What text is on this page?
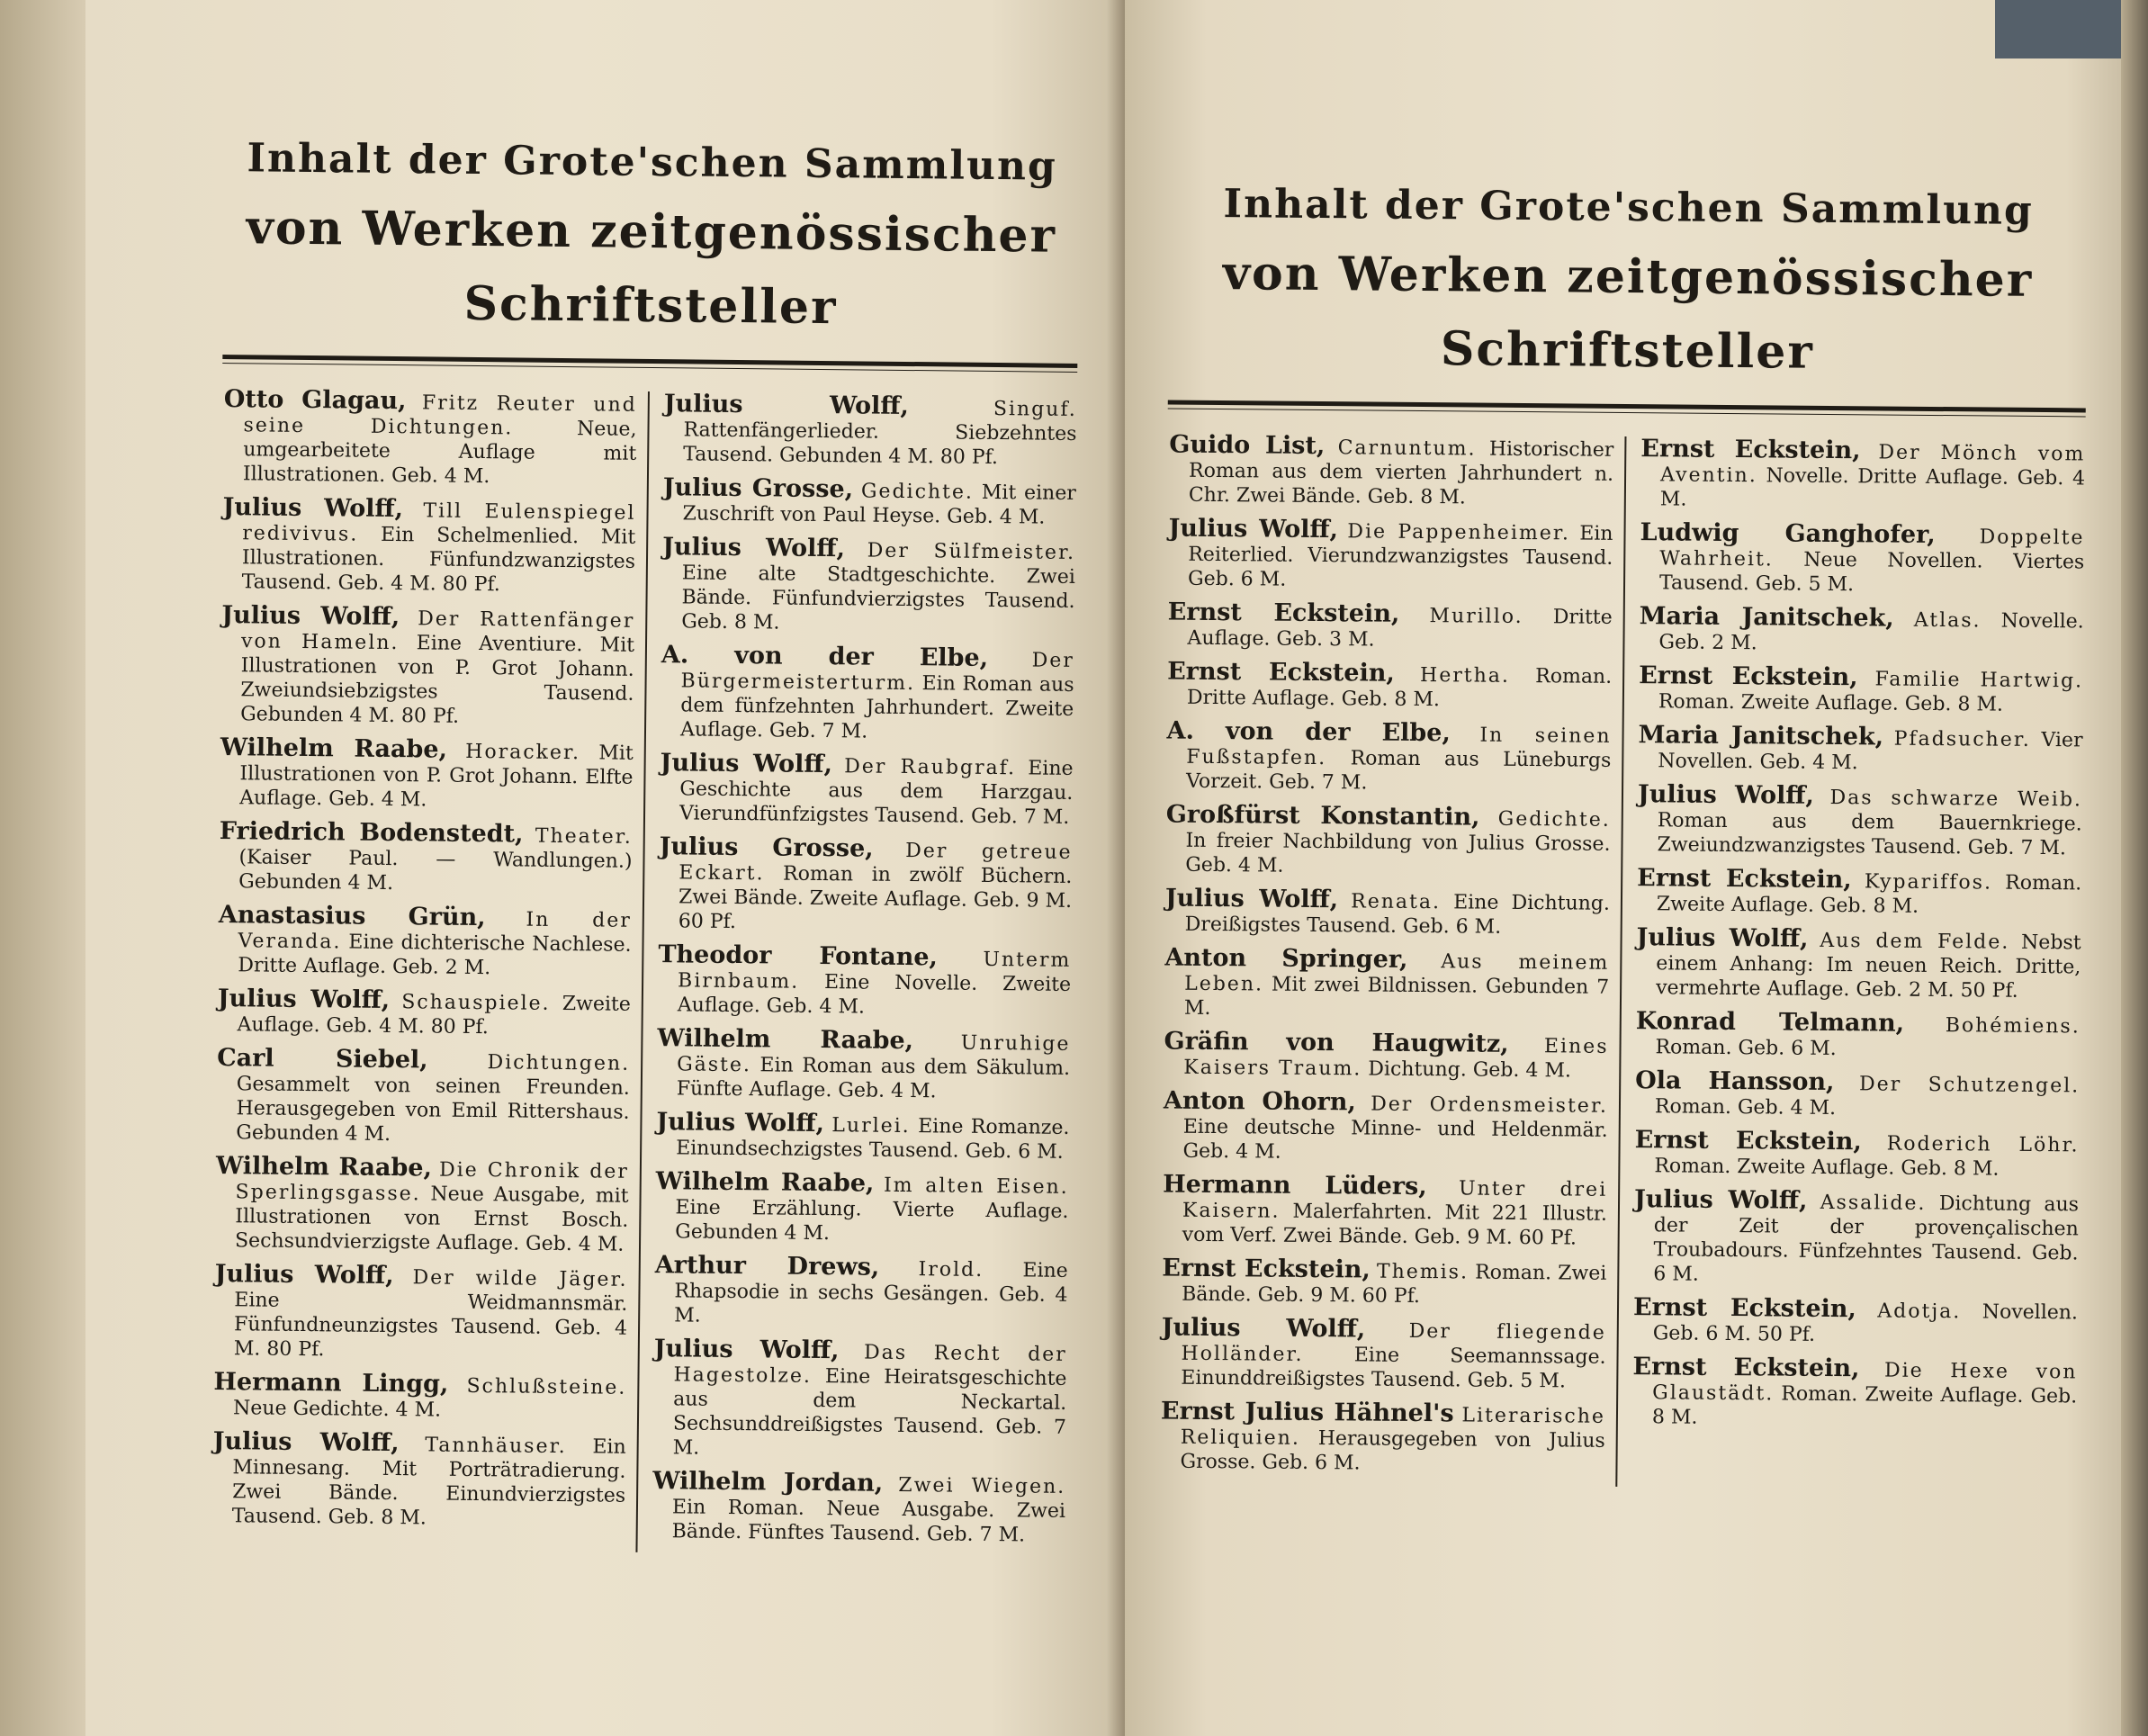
Inhalt der Grote'schen Sammlung
von Werken zeitgenössischer Schriftsteller
Otto Glagau, Fritz Reuter und seine Dichtungen.	Neue, umgearbeitete Auflage mit Illustrationen. Geb. 4 M.
Julius Wolff, Till Eulenspiegel redivivus. Ein Schelmenlied. Mit Illustrationen. Fünfundzwanzigstes Tausend. Geb. 4 M. 80 Pf.
Julius Wolff, Der Rattenfänger von Hameln. Eine Aventiure. Mit Illustrationen von P. Grot Johann. Zweiundsiebzigstes Tausend. Gebunden 4 M. 80 Pf.
Wilhelm Raabe, Horacker. Mit Illustrationen von P. Grot Johann. Elfte Auflage. Geb. 4 M.
Friedrich Bodenstedt, Theater. (Kaiser Paul. — Wandlungen.) Gebunden 4 M.
Anastasius Grün, In der Veranda. Eine dichterische Nachlese. Dritte Auflage. Geb. 2 M.
Julius Wolff, Schauspiele. Zweite Auflage. Geb. 4 M. 80 Pf.
Carl Siebel,	Dichtungen. Gesammelt von seinen Freunden. Herausgegeben von Emil Rittershaus. Gebunden 4 M.
Wilhelm Raabe, Die Chronik der Sperlingsgasse. Neue Ausgabe, mit Illustrationen von Ernst Bosch. Sechsundvierzigste Auflage. Geb. 4 M.
Julius Wolff, Der wilde Jäger. Eine Weidmannsmär. Fünfundneunzigstes Tausend. Geb. 4 M. 80 Pf.
Hermann Lingg, Schlußsteine. Neue Gedichte. 4 M.
Julius Wolff, Tannhäuser. Ein Minnesang. Mit Porträtradierung. Zwei Bände. Einundvierzigstes Tausend. Geb. 8 M.
Julius Wolff,	Singuf. Rattenfängerlieder. Siebzehntes Tausend. Gebunden 4 M. 80 Pf.
Julius Grosse, Gedichte. Mit einer Zuschrift von Paul Heyse. Geb. 4 M.
Julius Wolff, Der Sülfmeister. Eine alte Stadtgeschichte. Zwei Bände. Fünfundvierzigstes Tausend. Geb. 8 M.
A. von der Elbe, Der Bürgermeisterturm. Ein Roman aus dem fünfzehnten Jahrhundert. Zweite Auflage. Geb. 7 M.
Julius Wolff, Der Raubgraf. Eine Geschichte aus dem Harzgau. Vierundfünfzigstes Tausend. Geb. 7 M.
Julius Grosse, Der getreue Eckart. Roman in zwölf Büchern. Zwei Bände. Zweite Auflage. Geb. 9 M. 60 Pf.
Theodor Fontane, Unterm Birnbaum. Eine Novelle. Zweite Auflage. Geb. 4 M.
Wilhelm Raabe, Unruhige Gäste. Ein Roman aus dem Säkulum. Fünfte Auflage. Geb. 4 M.
Julius Wolff, Lurlei. Eine Romanze. Einundsechzigstes Tausend. Geb. 6 M.
Wilhelm Raabe, Im alten Eisen. Eine Erzählung. Vierte Auflage. Gebunden 4 M.
Arthur Drews, Irold. Eine Rhapsodie in sechs Gesängen. Geb. 4 M.
Julius Wolff, Das Recht der Hagestolze. Eine Heiratsgeschichte aus dem Neckartal. Sechsunddreißigstes Tausend. Geb. 7 M.
Wilhelm Jordan, Zwei Wiegen. Ein Roman. Neue Ausgabe. Zwei Bände. Fünftes Tausend. Geb. 7 M.
Inhalt der Grote'schen Sammlung
von Werken zeitgenössischer Schriftsteller
Guido List, Carnuntum. Historischer Roman aus dem vierten Jahrhundert n. Chr. Zwei Bände. Geb. 8 M.
Julius Wolff, Die Pappenheimer. Ein Reiterlied. Vierundzwanzigstes Tausend. Geb. 6 M.
Ernst Eckstein, Murillo. Dritte Auflage. Geb. 3 M.
Ernst Eckstein, Hertha. Roman. Dritte Auflage. Geb. 8 M.
A. von der Elbe, In seinen Fußstapfen. Roman aus Lüneburgs Vorzeit. Geb. 7 M.
Großfürst Konstantin, Gedichte. In freier Nachbildung von Julius Grosse. Geb. 4 M.
Julius Wolff, Renata. Eine Dichtung. Dreißigstes Tausend. Geb. 6 M.
Anton Springer, Aus meinem Leben. Mit zwei Bildnissen. Gebunden 7 M.
Gräfin von Haugwitz, Eines Kaisers Traum. Dichtung. Geb. 4 M.
Anton Ohorn, Der Ordensmeister. Eine deutsche Minne- und Heldenmär. Geb. 4 M.
Hermann Lüders, Unter drei Kaisern. Malerfahrten. Mit 221 Illustr. vom Verf. Zwei Bände. Geb. 9 M. 60 Pf.
Ernst Eckstein, Themis. Roman. Zwei Bände. Geb. 9 M. 60 Pf.
Julius Wolff, Der fliegende Holländer.	Eine Seemannssage. Einunddreißigstes Tausend. Geb. 5 M.
Ernst Julius Hähnel's Literarische Reliquien. Herausgegeben von Julius Grosse. Geb. 6 M.
Ernst Eckstein, Der Mönch vom Aventin. Novelle. Dritte Auflage. Geb. 4 M.
Ludwig Ganghofer, Doppelte Wahrheit. Neue Novellen. Viertes Tausend. Geb. 5 M.
Maria Janitschek, Atlas. Novelle. Geb. 2 M.
Ernst Eckstein, Familie Hartwig. Roman. Zweite Auflage. Geb. 8 M.
Maria Janitschek, Pfadsucher. Vier Novellen. Geb. 4 M.
Julius Wolff, Das schwarze Weib. Roman aus dem Bauernkriege. Zweiundzwanzigstes Tausend. Geb. 7 M.
Ernst Eckstein, Kypariffos. Roman. Zweite Auflage. Geb. 8 M.
Julius Wolff, Aus dem Felde. Nebst einem Anhang: Im neuen Reich. Dritte, vermehrte Auflage. Geb. 2 M. 50 Pf.
Konrad Telmann, Bohémiens. Roman. Geb. 6 M.
Ola Hansson, Der Schutzengel. Roman. Geb. 4 M.
Ernst Eckstein, Roderich Löhr. Roman. Zweite Auflage. Geb. 8 M.
Julius Wolff, Assalide. Dichtung aus der Zeit der provençalischen Troubadours. Fünfzehntes Tausend. Geb. 6 M.
Ernst Eckstein, Adotja. Novellen. Geb. 6 M. 50 Pf.
Ernst Eckstein, Die Hexe von Glaustädt. Roman. Zweite Auflage. Geb. 8 M.
